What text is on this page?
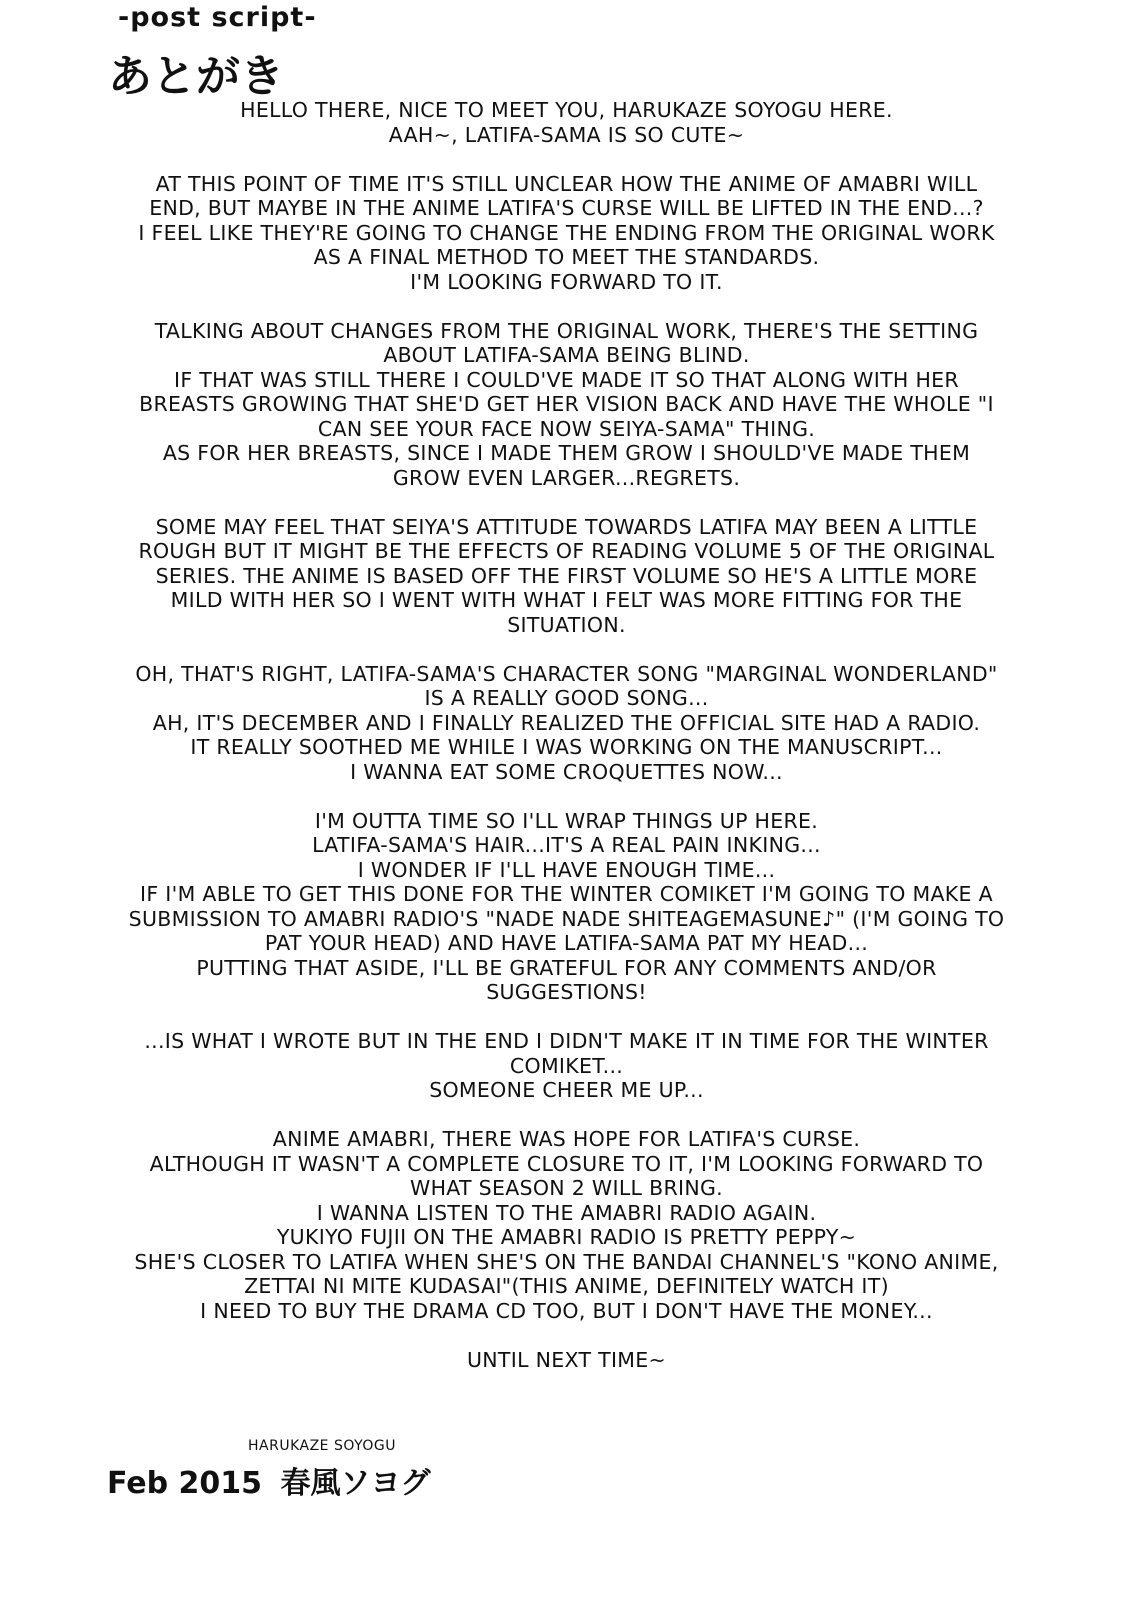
-post script-
あとがき

HELLO THERE, NICE TO MEET YOU, HARUKAZE SOYOGU HERE.
AAH~, LATIFA-SAMA IS SO CUTE~

AT THIS POINT OF TIME IT'S STILL UNCLEAR HOW THE ANIME OF AMABRI WILL
END, BUT MAYBE IN THE ANIME LATIFA'S CURSE WILL BE LIFTED IN THE END...?
I FEEL LIKE THEY'RE GOING TO CHANGE THE ENDING FROM THE ORIGINAL WORK
AS A FINAL METHOD TO MEET THE STANDARDS.
I'M LOOKING FORWARD TO IT.

TALKING ABOUT CHANGES FROM THE ORIGINAL WORK, THERE'S THE SETTING
ABOUT LATIFA-SAMA BEING BLIND.
IF THAT WAS STILL THERE I COULD'VE MADE IT SO THAT ALONG WITH HER
BREASTS GROWING THAT SHE'D GET HER VISION BACK AND HAVE THE WHOLE "I
CAN SEE YOUR FACE NOW SEIYA-SAMA" THING.
AS FOR HER BREASTS, SINCE I MADE THEM GROW I SHOULD'VE MADE THEM
GROW EVEN LARGER...REGRETS.

SOME MAY FEEL THAT SEIYA'S ATTITUDE TOWARDS LATIFA MAY BEEN A LITTLE
ROUGH BUT IT MIGHT BE THE EFFECTS OF READING VOLUME 5 OF THE ORIGINAL
SERIES. THE ANIME IS BASED OFF THE FIRST VOLUME SO HE'S A LITTLE MORE
MILD WITH HER SO I WENT WITH WHAT I FELT WAS MORE FITTING FOR THE
SITUATION.

OH, THAT'S RIGHT, LATIFA-SAMA'S CHARACTER SONG "MARGINAL WONDERLAND"
IS A REALLY GOOD SONG...
AH, IT'S DECEMBER AND I FINALLY REALIZED THE OFFICIAL SITE HAD A RADIO.
IT REALLY SOOTHED ME WHILE I WAS WORKING ON THE MANUSCRIPT...
I WANNA EAT SOME CROQUETTES NOW...

I'M OUTTA TIME SO I'LL WRAP THINGS UP HERE.
LATIFA-SAMA'S HAIR...IT'S A REAL PAIN INKING...
I WONDER IF I'LL HAVE ENOUGH TIME...
IF I'M ABLE TO GET THIS DONE FOR THE WINTER COMIKET I'M GOING TO MAKE A
SUBMISSION TO AMABRI RADIO'S "NADE NADE SHITEAGEMASUNE♪" (I'M GOING TO
PAT YOUR HEAD) AND HAVE LATIFA-SAMA PAT MY HEAD...
PUTTING THAT ASIDE, I'LL BE GRATEFUL FOR ANY COMMENTS AND/OR
SUGGESTIONS!

...IS WHAT I WROTE BUT IN THE END I DIDN'T MAKE IT IN TIME FOR THE WINTER
COMIKET...
SOMEONE CHEER ME UP...

ANIME AMABRI, THERE WAS HOPE FOR LATIFA'S CURSE.
ALTHOUGH IT WASN'T A COMPLETE CLOSURE TO IT, I'M LOOKING FORWARD TO
WHAT SEASON 2 WILL BRING.
I WANNA LISTEN TO THE AMABRI RADIO AGAIN.
YUKIYO FUJII ON THE AMABRI RADIO IS PRETTY PEPPY~
SHE'S CLOSER TO LATIFA WHEN SHE'S ON THE BANDAI CHANNEL'S "KONO ANIME,
ZETTAI NI MITE KUDASAI"(THIS ANIME, DEFINITELY WATCH IT)
I NEED TO BUY THE DRAMA CD TOO, BUT I DON'T HAVE THE MONEY...

UNTIL NEXT TIME~

HARUKAZE SOYOGU
Feb 2015 春風ソヨグ
